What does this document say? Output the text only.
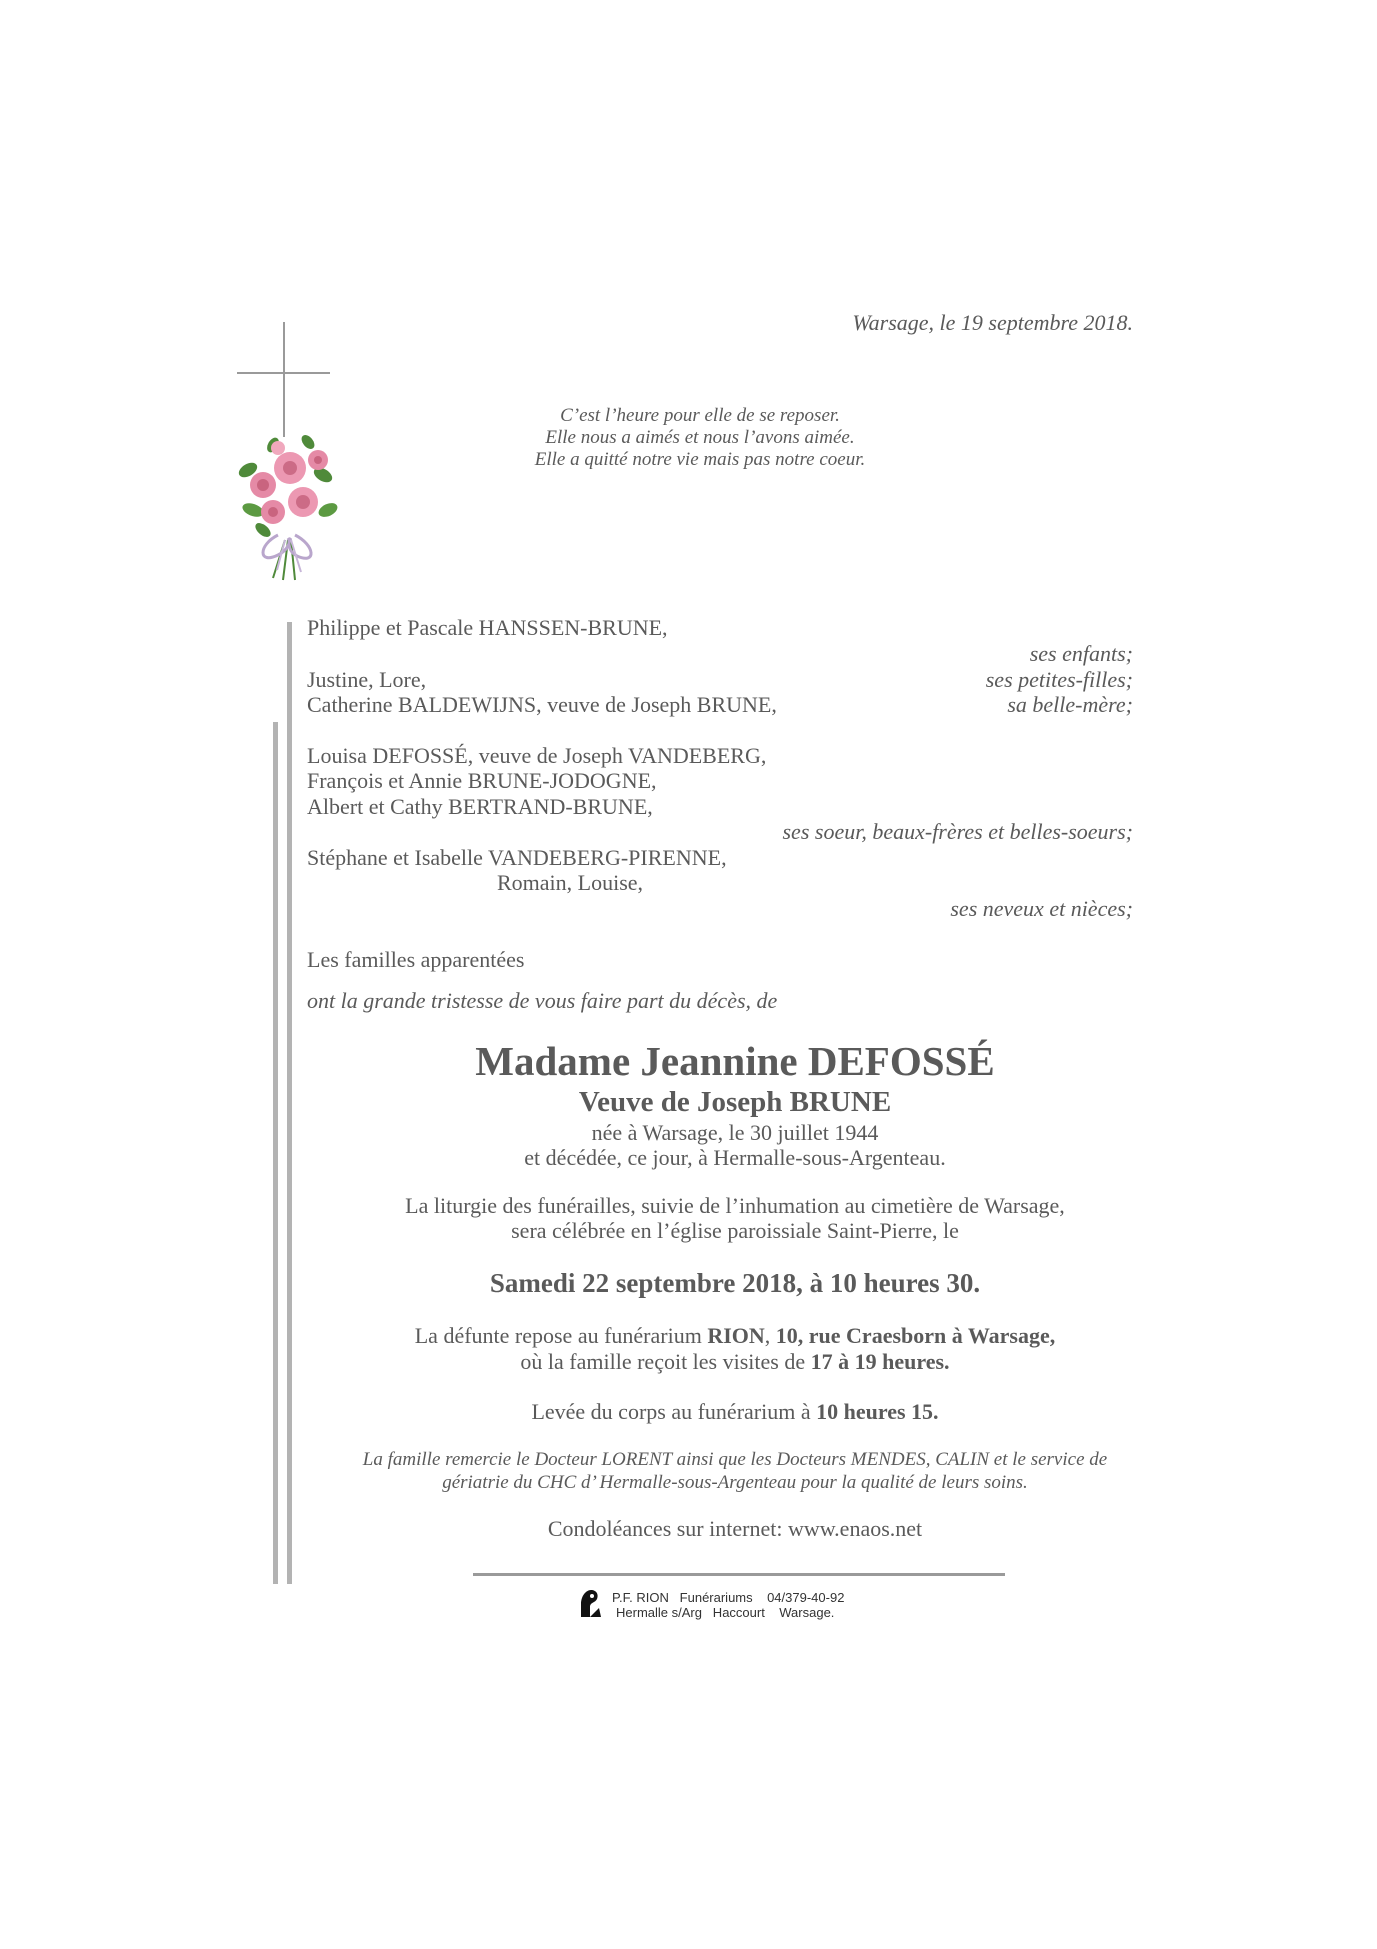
Warsage, le 19 septembre 2018.
C’est l’heure pour elle de se reposer.
Elle nous a aimés et nous l’avons aimée.
Elle a quitté notre vie mais pas notre coeur.
Philippe et Pascale HANSSEN-BRUNE,
Justine, Lore,
Catherine BALDEWIJNS, veuve de Joseph BRUNE,
Louisa DEFOSSÉ, veuve de Joseph VANDEBERG,
François et Annie BRUNE-JODOGNE,
Albert et Cathy BERTRAND-BRUNE,
Stéphane et Isabelle VANDEBERG-PIRENNE,
Romain, Louise,
Les familles apparentées
ont la grande tristesse de vous faire part du décès, de
ses enfants;
ses petites-filles;
sa belle-mère;
ses soeur, beaux-frères et belles-soeurs;
ses neveux et nièces;
Madame Jeannine DEFOSSÉ
Veuve de Joseph BRUNE
née à Warsage, le 30 juillet 1944
et décédée, ce jour, à Hermalle-sous-Argenteau.
La liturgie des funérailles, suivie de l’inhumation au cimetière de Warsage,
sera célébrée en l’église paroissiale Saint-Pierre, le
Samedi 22 septembre 2018, à 10 heures 30.
La défunte repose au funérarium RION, 10, rue Craesborn à Warsage,
où la famille reçoit les visites de 17 à 19 heures.
Levée du corps au funérarium à 10 heures 15.
La famille remercie le Docteur LORENT ainsi que les Docteurs MENDES, CALIN et le service de
gériatrie du CHC d’ Hermalle-sous-Argenteau pour la qualité de leurs soins.
Condoléances sur internet: www.enaos.net
P.F. RION   Funérariums    04/379-40-92
Hermalle s/Arg   Haccourt    Warsage.
